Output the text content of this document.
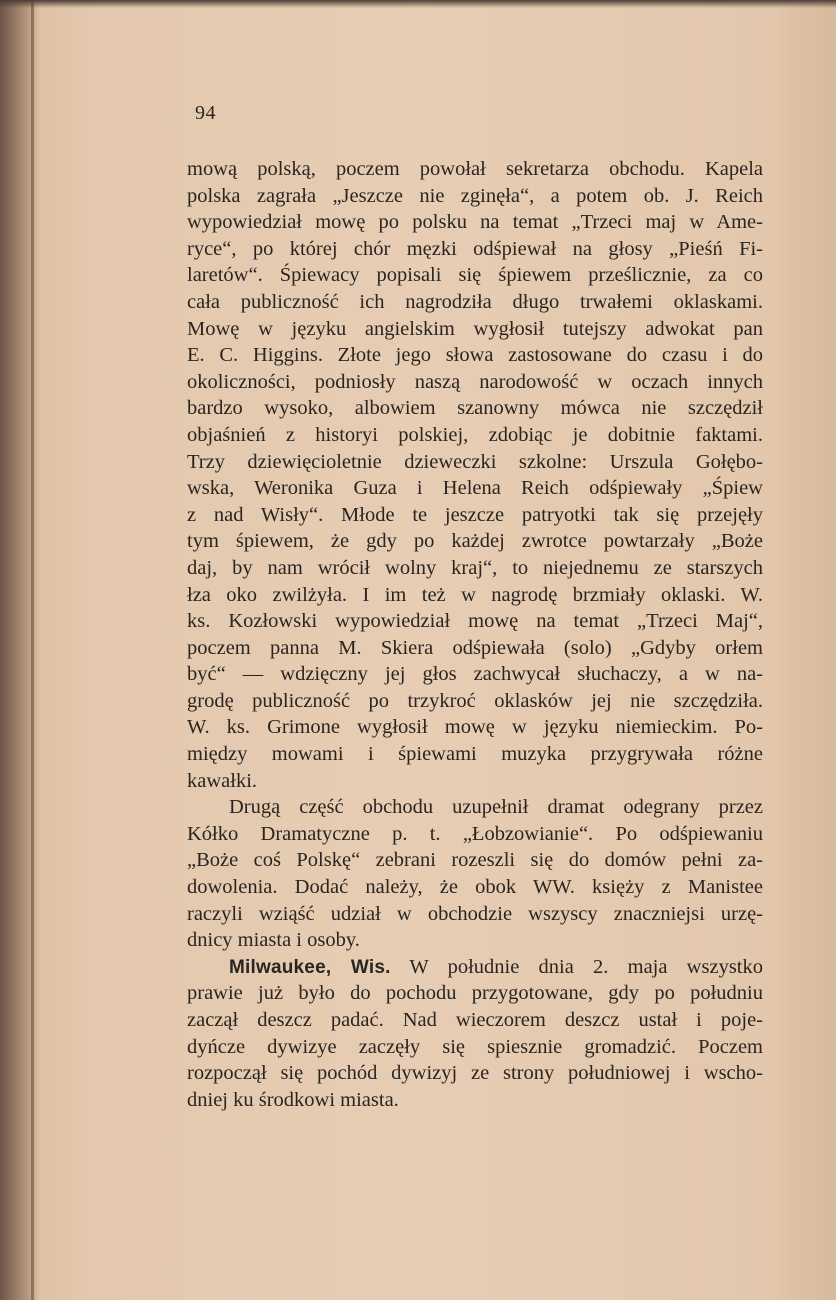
94
mową polską, poczem powołał sekretarza obchodu. Kapela
polska zagrała „Jeszcze nie zginęła“, a potem ob. J. Reich
wypowiedział mowę po polsku na temat „Trzeci maj w Ame-
ryce“, po której chór męzki odśpiewał na głosy „Pieśń Fi-
laretów“. Śpiewacy popisali się śpiewem prześlicznie, za co
cała publiczność ich nagrodziła długo trwałemi oklaskami.
Mowę w języku angielskim wygłosił tutejszy adwokat pan
E. C. Higgins. Złote jego słowa zastosowane do czasu i do
okoliczności, podniosły naszą narodowość w oczach innych
bardzo wysoko, albowiem szanowny mówca nie szczędził
objaśnień z historyi polskiej, zdobiąc je dobitnie faktami.
Trzy dziewięcioletnie dzieweczki szkolne: Urszula Gołębo-
wska, Weronika Guza i Helena Reich odśpiewały „Śpiew
z nad Wisły“. Młode te jeszcze patryotki tak się przejęły
tym śpiewem, że gdy po każdej zwrotce powtarzały „Boże
daj, by nam wrócił wolny kraj“, to niejednemu ze starszych
łza oko zwilżyła. I im też w nagrodę brzmiały oklaski. W.
ks. Kozłowski wypowiedział mowę na temat „Trzeci Maj“,
poczem panna M. Skiera odśpiewała (solo) „Gdyby orłem
być“ — wdzięczny jej głos zachwycał słuchaczy, a w na-
grodę publiczność po trzykroć oklasków jej nie szczędziła.
W. ks. Grimone wygłosił mowę w języku niemieckim. Po-
między mowami i śpiewami muzyka przygrywała różne
kawałki.
Drugą część obchodu uzupełnił dramat odegrany przez
Kółko Dramatyczne p. t. „Łobzowianie“. Po odśpiewaniu
„Boże coś Polskę“ zebrani rozeszli się do domów pełni za-
dowolenia. Dodać należy, że obok WW. księży z Manistee
raczyli wziąść udział w obchodzie wszyscy znaczniejsi urzę-
dnicy miasta i osoby.
Milwaukee, Wis. W południe dnia 2. maja wszystko
prawie już było do pochodu przygotowane, gdy po południu
zaczął deszcz padać. Nad wieczorem deszcz ustał i poje-
dyńcze dywizye zaczęły się spiesznie gromadzić. Poczem
rozpoczął się pochód dywizyj ze strony południowej i wscho-
dniej ku środkowi miasta.
